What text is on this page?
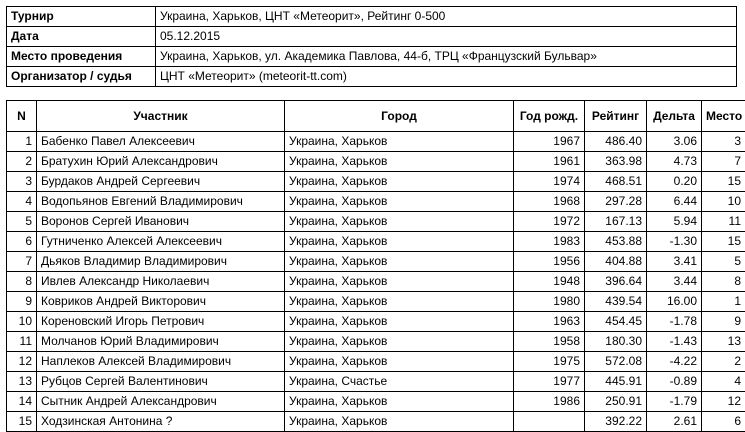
Турнир	Украина, Харьков, ЦНТ «Метеорит», Рейтинг 0-500
Дата	05.12.2015
Место проведения	Украина, Харьков, ул. Академика Павлова, 44-б, ТРЦ «Французский Бульвар»
Организатор / судья	ЦНТ «Метеорит» (meteorit-tt.com)
N	Участник	Город	Год рожд.	Рейтинг	Дельта	Место
1	Бабенко Павел Алексеевич	Украина, Харьков	1967	486.40	3.06	3
2	Братухин Юрий Александрович	Украина, Харьков	1961	363.98	4.73	7
3	Бурдаков Андрей Сергеевич	Украина, Харьков	1974	468.51	0.20	15
4	Водопьянов Евгений Владимирович	Украина, Харьков	1968	297.28	6.44	10
5	Воронов Сергей Иванович	Украина, Харьков	1972	167.13	5.94	11
6	Гутниченко Алексей Алексеевич	Украина, Харьков	1983	453.88	-1.30	15
7	Дьяков Владимир Владимирович	Украина, Харьков	1956	404.88	3.41	5
8	Ивлев Александр Николаевич	Украина, Харьков	1948	396.64	3.44	8
9	Ковриков Андрей Викторович	Украина, Харьков	1980	439.54	16.00	1
10	Кореновский Игорь Петрович	Украина, Харьков	1963	454.45	-1.78	9
11	Молчанов Юрий Владимирович	Украина, Харьков	1958	180.30	-1.43	13
12	Наплеков Алексей Владимирович	Украина, Харьков	1975	572.08	-4.22	2
13	Рубцов Сергей Валентинович	Украина, Счастье	1977	445.91	-0.89	4
14	Сытник Андрей Александрович	Украина, Харьков	1986	250.91	-1.79	12
15	Ходзинская Антонина ?	Украина, Харьков		392.22	2.61	6
